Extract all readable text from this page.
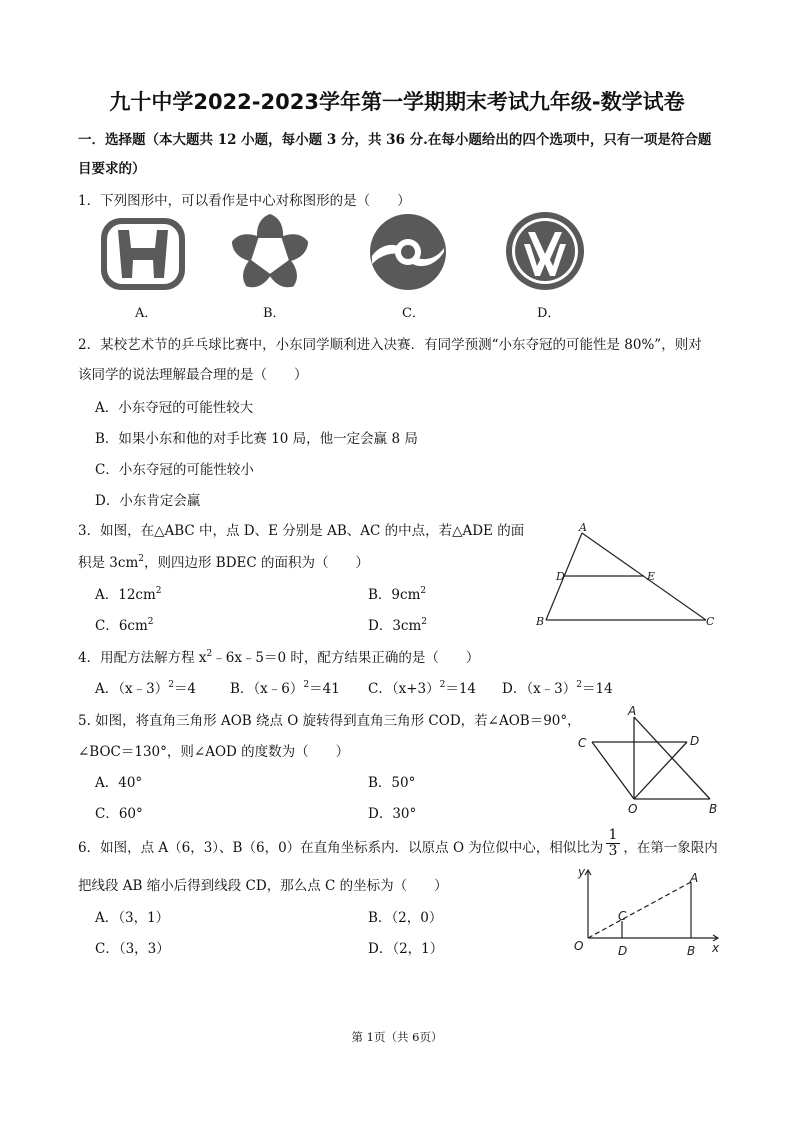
九十中学2022-2023学年第一学期期末考试九年级-数学试卷
一．选择题（本大题共 12 小题，每小题 3 分，共 36 分.在每小题给出的四个选项中，只有一项是符合题
目要求的）
1．下列图形中，可以看作是中心对称图形的是（　　）
A．	B．	C．	D．
2．某校艺术节的乒乓球比赛中，小东同学顺利进入决赛．有同学预测“小东夺冠的可能性是 80%”，则对
该同学的说法理解最合理的是（　　）
A．小东夺冠的可能性较大
B．如果小东和他的对手比赛 10 局，他一定会赢 8 局
C．小东夺冠的可能性较小
D．小东肯定会赢
3．如图，在△ABC 中，点 D、E 分别是 AB、AC 的中点，若△ADE 的面
积是 $3cm^2$，则四边形 BDEC 的面积为（　　）
A．$12cm^2$	B．$9cm^2$
C．$6cm^2$	D．$3cm^2$
A
D	E
B	C
4．用配方法解方程 $x^2﹣6x﹣5=0$ 时，配方结果正确的是（　　）
A．（x﹣3）$^2$＝4	B．（x﹣6）$^2$＝41 C．$(x+3)^2=14$ D．（x﹣3）$^2$＝14
5. 如图，将直角三角形 AOB 绕点 O 旋转得到直角三角形 COD，若∠AOB＝90°，
∠BOC＝130°，则∠AOD 的度数为（　　）
A．40°	B．50°
C．60°	D．30°
A
C	D
O	B
6．如图，点 A（6，3）、B（6，0）在直角坐标系内．以原点 O 为位似中心，相似比为 ，在第一象限内
$\frac{1}{3}$
把线段 AB 缩小后得到线段 CD，那么点 C 的坐标为（　　）
A．（3，1）	B．（2，0）
C．（3，3）	D．（2，1）
y	A
C
O	D	B x
第 1页（共 6页）
